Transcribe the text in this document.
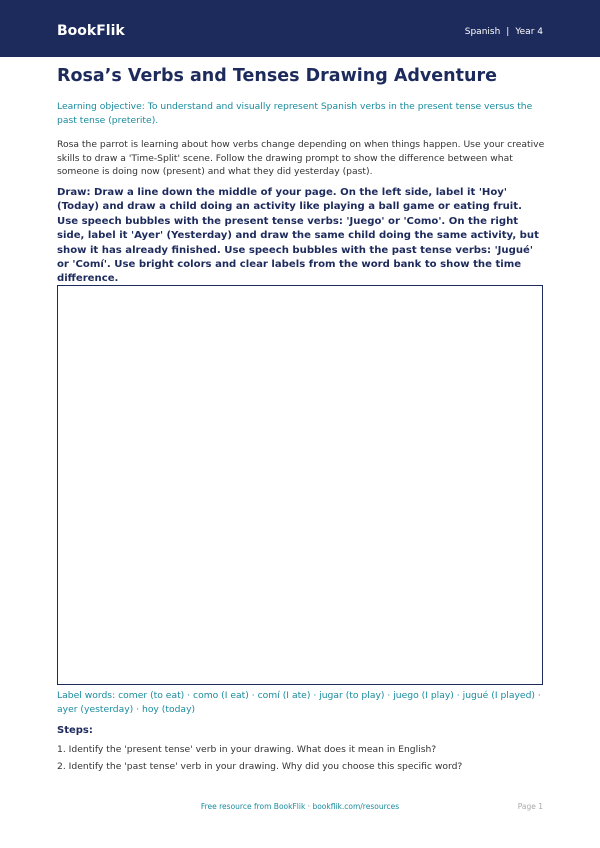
BookFlik	Spanish | Year 4
Rosa’s Verbs and Tenses Drawing Adventure

Learning objective: To understand and visually represent Spanish verbs in the present tense versus the past tense (preterite).

Rosa the parrot is learning about how verbs change depending on when things happen. Use your creative skills to draw a 'Time-Split' scene. Follow the drawing prompt to show the difference between what someone is doing now (present) and what they did yesterday (past).

Draw: Draw a line down the middle of your page. On the left side, label it 'Hoy' (Today) and draw a child doing an activity like playing a ball game or eating fruit. Use speech bubbles with the present tense verbs: 'Juego' or 'Como'. On the right side, label it 'Ayer' (Yesterday) and draw the same child doing the same activity, but show it has already finished. Use speech bubbles with the past tense verbs: 'Jugué' or 'Comí'. Use bright colors and clear labels from the word bank to show the time difference.

Label words: comer (to eat) · como (I eat) · comí (I ate) · jugar (to play) · juego (I play) · jugué (I played) · ayer (yesterday) · hoy (today)

Steps:
1. Identify the 'present tense' verb in your drawing. What does it mean in English?
2. Identify the 'past tense' verb in your drawing. Why did you choose this specific word?
Free resource from BookFlik · bookflik.com/resources	Page 1
